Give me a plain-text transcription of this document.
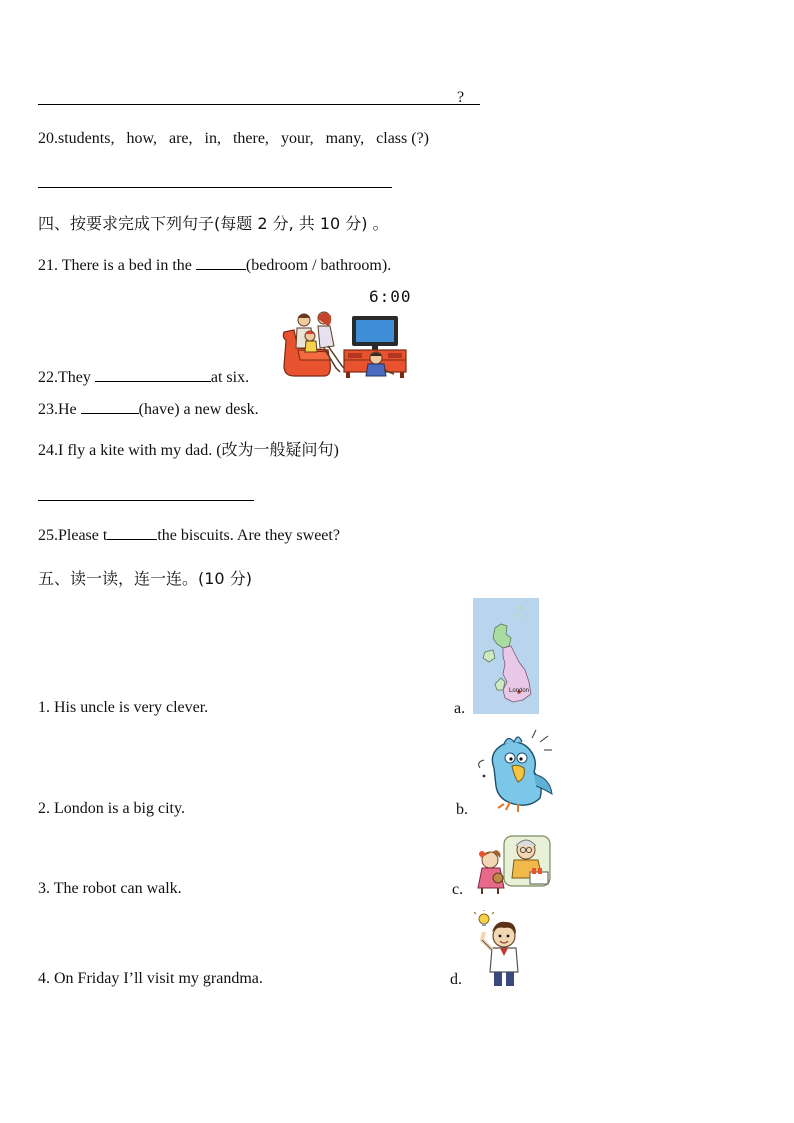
?
20.students, how, are, in, there, your, many, class (?)
四、按要求完成下列句子(每题 2 分, 共 10 分) 。
21. There is a bed in the	(bedroom / bathroom).
6:00
22.They	at six.
23.He	(have) a new desk.
24.I fly a kite with my dad. (改为一般疑问句)
25.Please t	the biscuits. Are they sweet?
五、读一读，连一连。(10 分)
1. His uncle is very clever.
2. London is a big city.
3. The robot can walk.
4. On Friday I’ll visit my grandma.
a.
b.
c.
d.
London
